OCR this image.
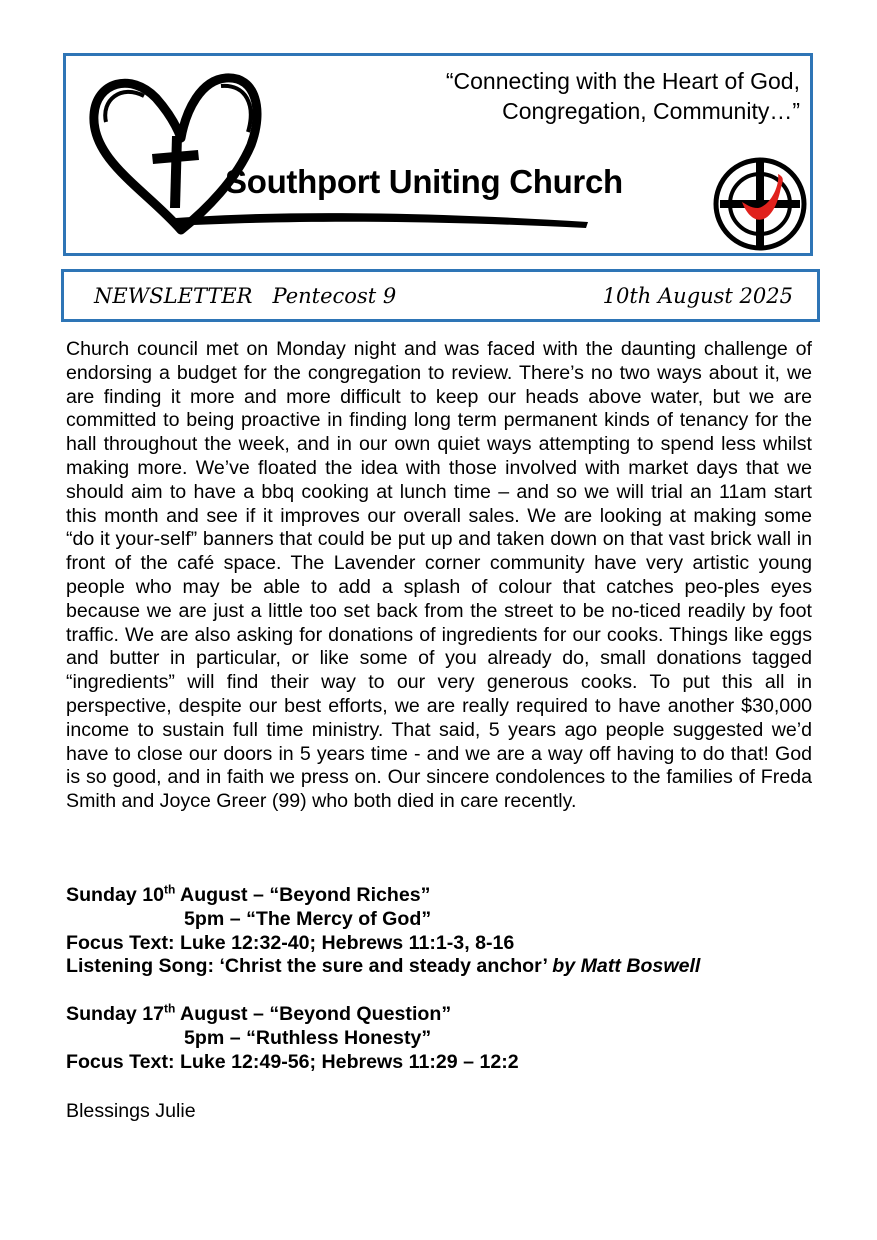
“Connecting with the Heart of God,
Congregation, Community…”
Southport Uniting Church
NEWSLETTER Pentecost 9	10th August 2025

Church council met on Monday night and was faced with the daunting challenge of endorsing a budget for the congregation to review. There’s no two ways about it, we are finding it more and more difficult to keep our heads above water, but we are committed to being proactive in finding long term permanent kinds of tenancy for the hall throughout the week, and in our own quiet ways attempting to spend less whilst making more. We’ve floated the idea with those involved with market days that we should aim to have a bbq cooking at lunch time – and so we will trial an 11am start this month and see if it improves our overall sales. We are looking at making some “do it your-self” banners that could be put up and taken down on that vast brick wall in front of the café space. The Lavender corner community have very artistic young people who may be able to add a splash of colour that catches peo-ples eyes because we are just a little too set back from the street to be no-ticed readily by foot traffic. We are also asking for donations of ingredients for our cooks. Things like eggs and butter in particular, or like some of you already do, small donations tagged “ingredients” will find their way to our very generous cooks. To put this all in perspective, despite our best efforts, we are really required to have another $30,000 income to sustain full time ministry. That said, 5 years ago people suggested we’d have to close our doors in 5 years time - and we are a way off having to do that! God is so good, and in faith we press on. Our sincere condolences to the families of Freda Smith and Joyce Greer (99) who both died in care recently.

Sunday 10th August – “Beyond Riches”

5pm – “The Mercy of God”

Focus Text: Luke 12:32-40; Hebrews 11:1-3, 8-16

Listening Song: ‘Christ the sure and steady anchor’ by Matt Boswell

Sunday 17th August – “Beyond Question”

5pm – “Ruthless Honesty”

Focus Text: Luke 12:49-56; Hebrews 11:29 – 12:2

Blessings Julie
